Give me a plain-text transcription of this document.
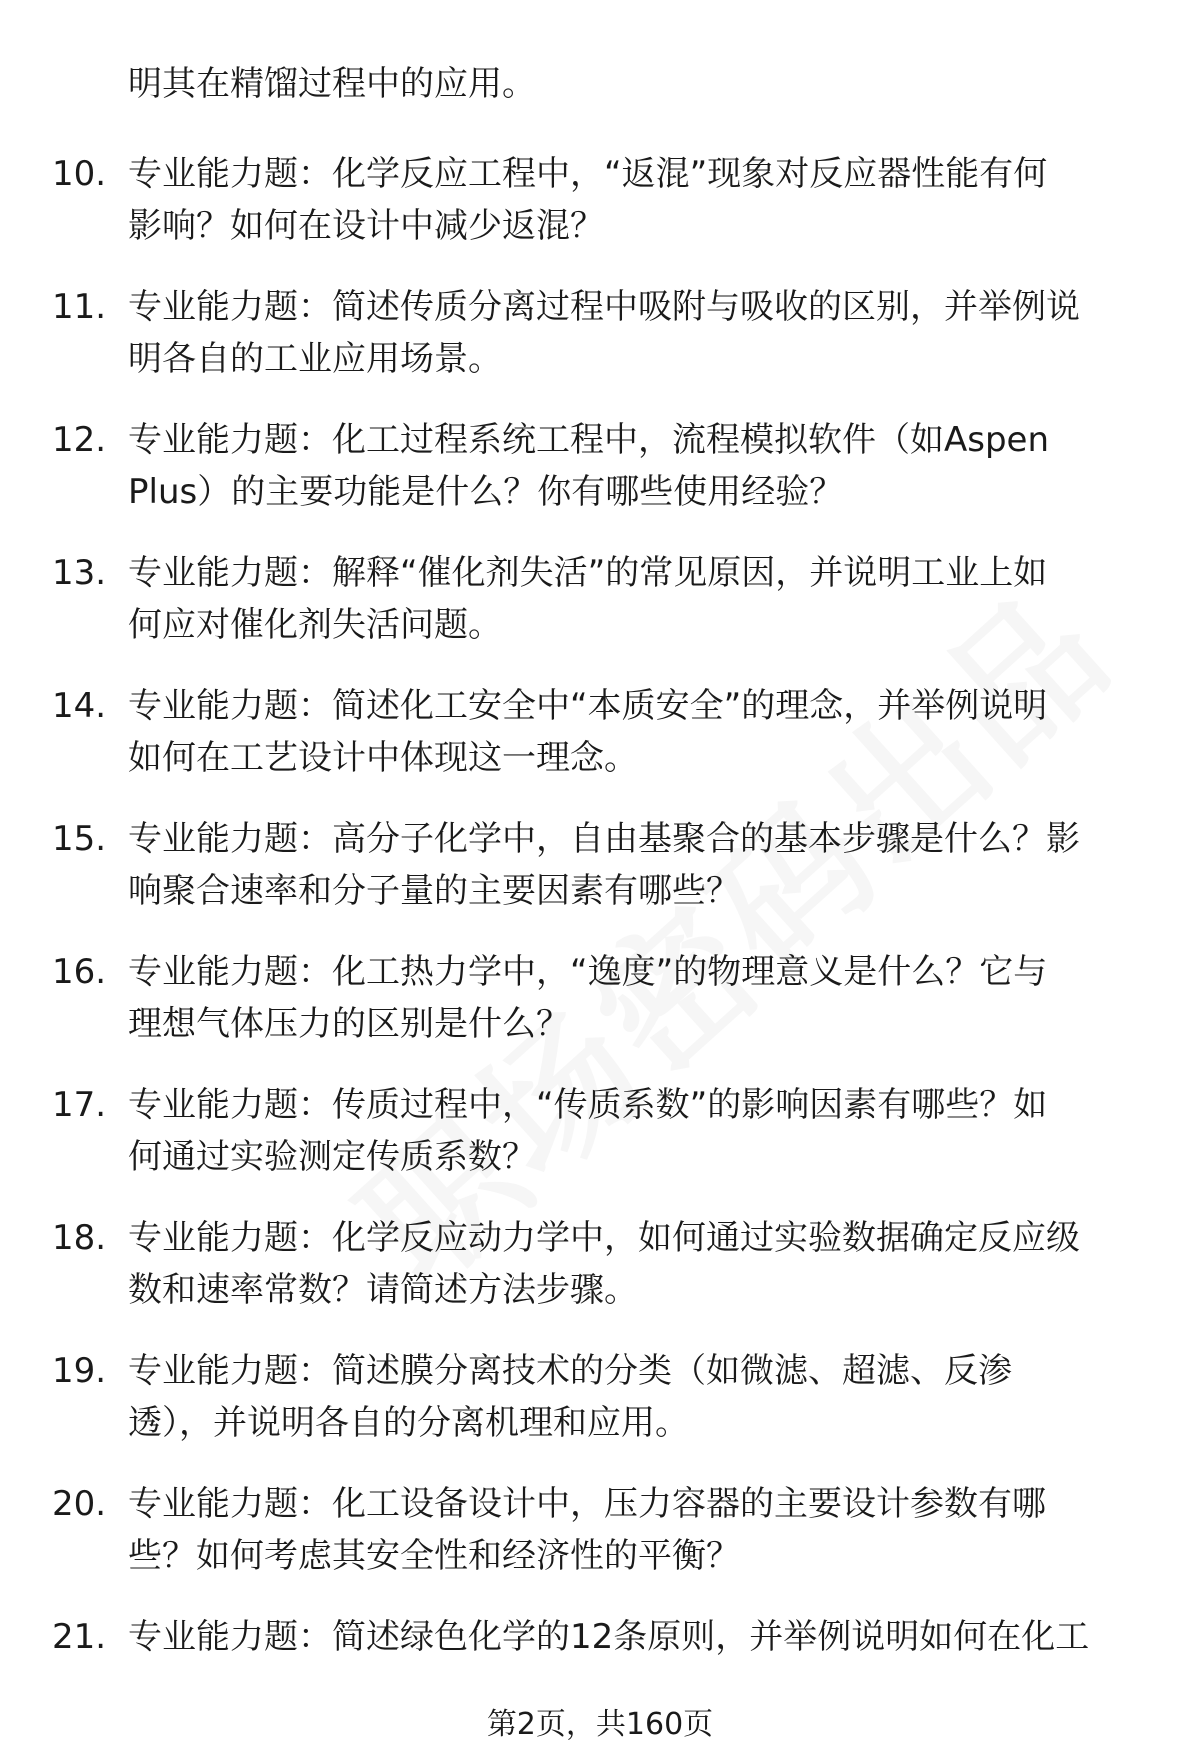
明其在精馏过程中的应用。
10. 专业能力题：化学反应工程中，“返混”现象对反应器性能有何
影响？如何在设计中减少返混？
11. 专业能力题：简述传质分离过程中吸附与吸收的区别，并举例说
明各自的工业应用场景。
12. 专业能力题：化工过程系统工程中，流程模拟软件（如Aspen
Plus）的主要功能是什么？你有哪些使用经验？
13. 专业能力题：解释“催化剂失活”的常见原因，并说明工业上如
何应对催化剂失活问题。
14. 专业能力题：简述化工安全中“本质安全”的理念，并举例说明
如何在工艺设计中体现这一理念。
15. 专业能力题：高分子化学中，自由基聚合的基本步骤是什么？影
响聚合速率和分子量的主要因素有哪些？
16. 专业能力题：化工热力学中，“逸度”的物理意义是什么？它与
理想气体压力的区别是什么？
17. 专业能力题：传质过程中，“传质系数”的影响因素有哪些？如
何通过实验测定传质系数？
18. 专业能力题：化学反应动力学中，如何通过实验数据确定反应级
数和速率常数？请简述方法步骤。
19. 专业能力题：简述膜分离技术的分类（如微滤、超滤、反渗
透），并说明各自的分离机理和应用。
20. 专业能力题：化工设备设计中，压力容器的主要设计参数有哪
些？如何考虑其安全性和经济性的平衡？
21. 专业能力题：简述绿色化学的12条原则，并举例说明如何在化工
第2页，共160页
